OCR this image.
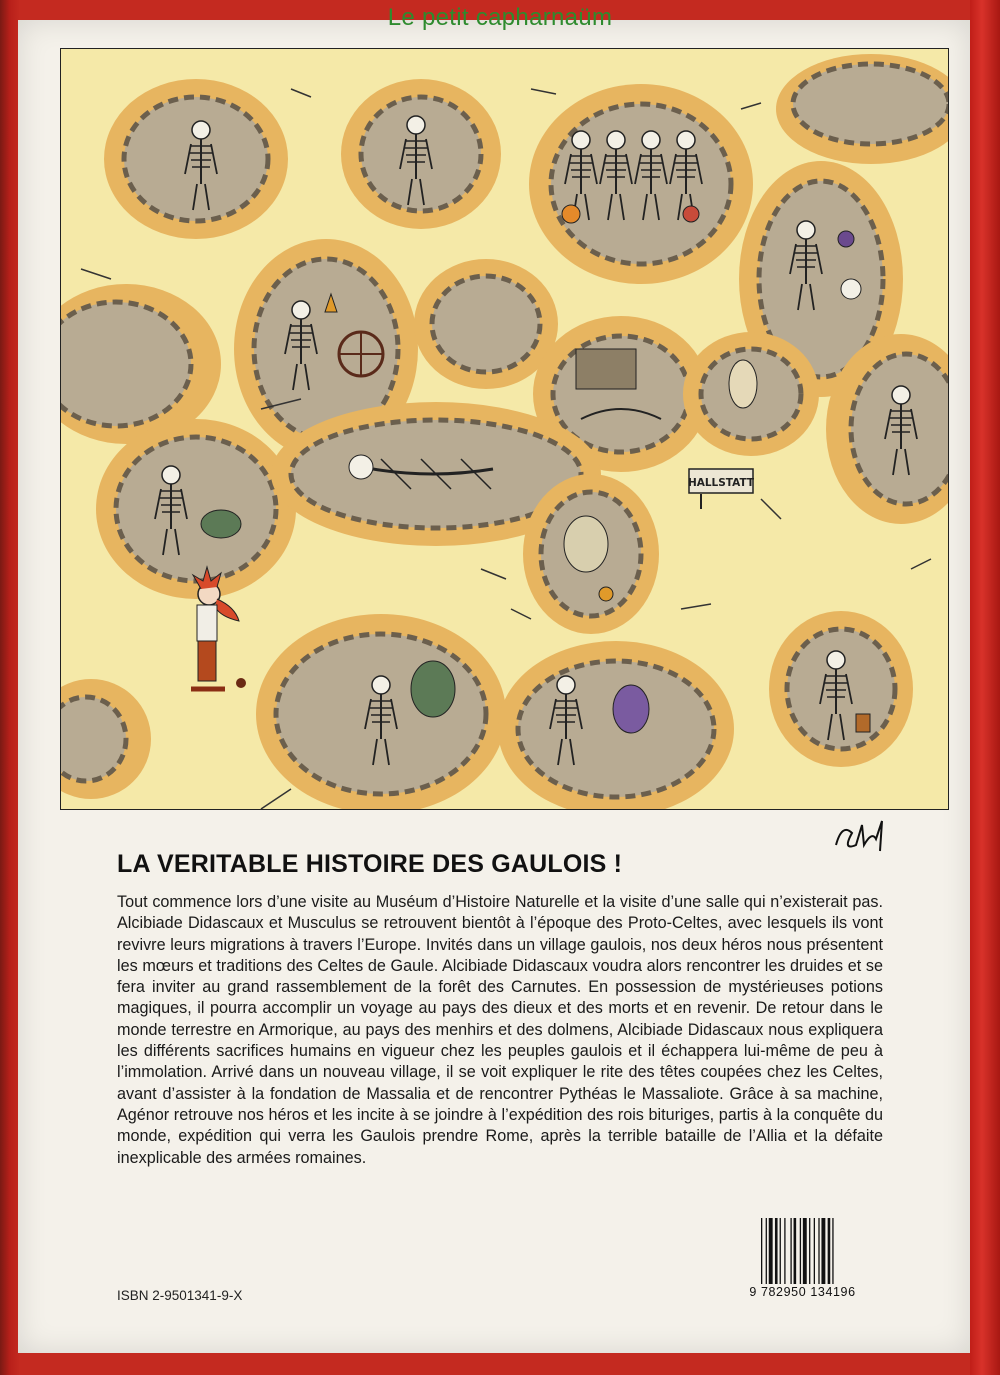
Le petit capharnaüm
HALLSTATT
LA VERITABLE HISTOIRE DES GAULOIS !
Tout commence lors d’une visite au Muséum d’Histoire Naturelle et la visite d’une salle qui n’existerait pas. Alcibiade Didascaux et Musculus se retrouvent bientôt à l’époque des Proto-Celtes, avec lesquels ils vont revivre leurs migrations à travers l’Europe. Invités dans un village gaulois, nos deux héros nous présentent les mœurs et traditions des Celtes de Gaule. Alcibiade Didascaux voudra alors rencontrer les druides et se fera inviter au grand rassemblement de la forêt des Carnutes. En possession de mystérieuses potions magiques, il pourra accomplir un voyage au pays des dieux et des morts et en revenir. De retour dans le monde terrestre en Armorique, au pays des menhirs et des dolmens, Alcibiade Didascaux nous expliquera les différents sacrifices humains en vigueur chez les peuples gaulois et il échappera lui-même de peu à l’immolation. Arrivé dans un nouveau village, il se voit expliquer le rite des têtes coupées chez les Celtes, avant d’assister à la fondation de Massalia et de rencontrer Pythéas le Massaliote. Grâce à sa machine, Agénor retrouve nos héros et les incite à se joindre à l’expédition des rois bituriges, partis à la conquête du monde, expédition qui verra les Gaulois prendre Rome, après la terrible bataille de l’Allia et la défaite inexplicable des armées romaines.
ISBN 2-9501341-9-X	9 782950 134196
